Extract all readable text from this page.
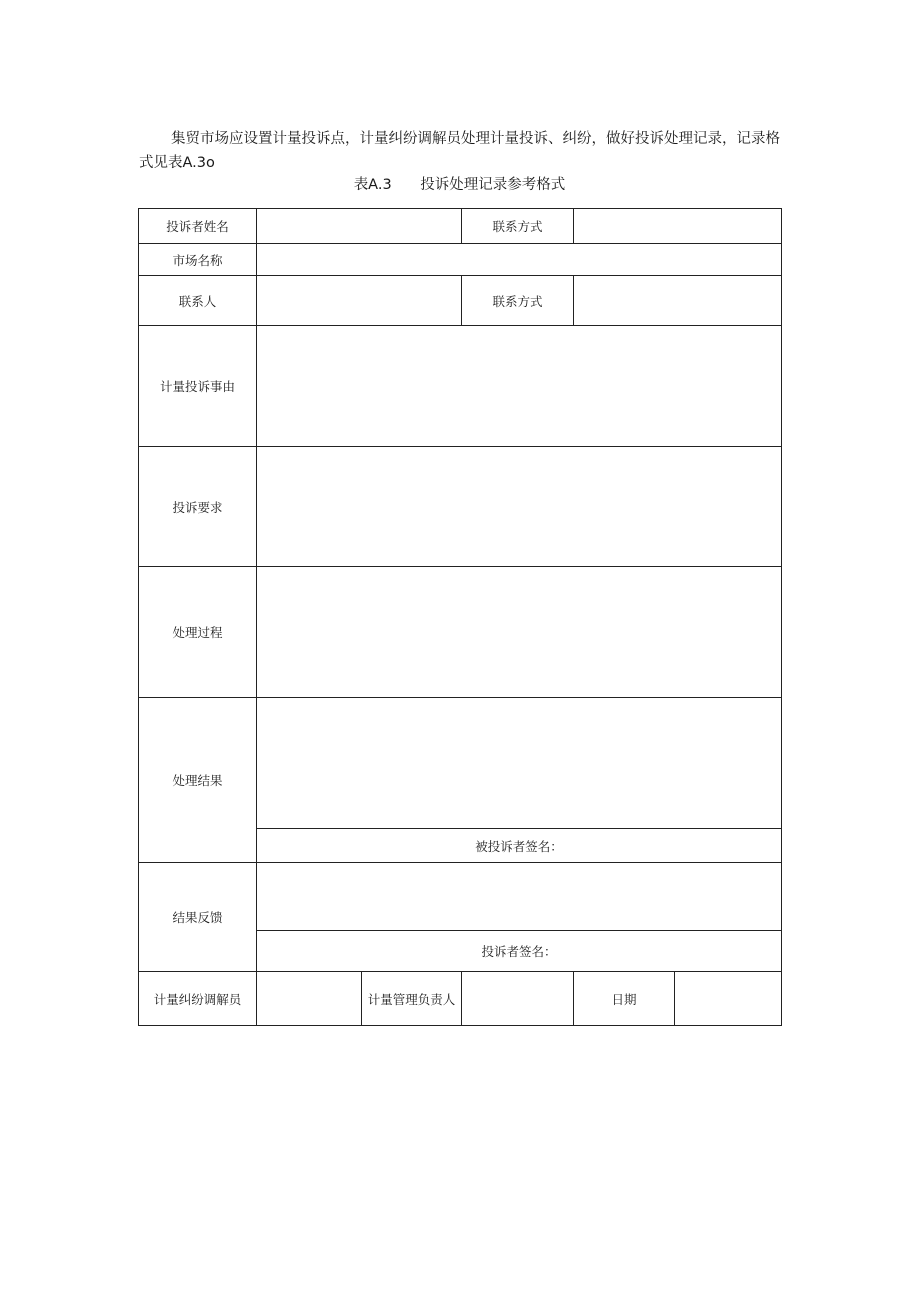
集贸市场应设置计量投诉点，计量纠纷调解员处理计量投诉、纠纷，做好投诉处理记录，记录格式见表A.3o

表A.3 投诉处理记录参考格式
投诉者姓名			联系方式		
市场名称					
联系人			联系方式		
计量投诉事由					
投诉要求					
处理过程					
处理结果					
	被投诉者签名：				
结果反馈					
	投诉者签名：				
计量纠纷调解员		计量管理负责人		日期	
